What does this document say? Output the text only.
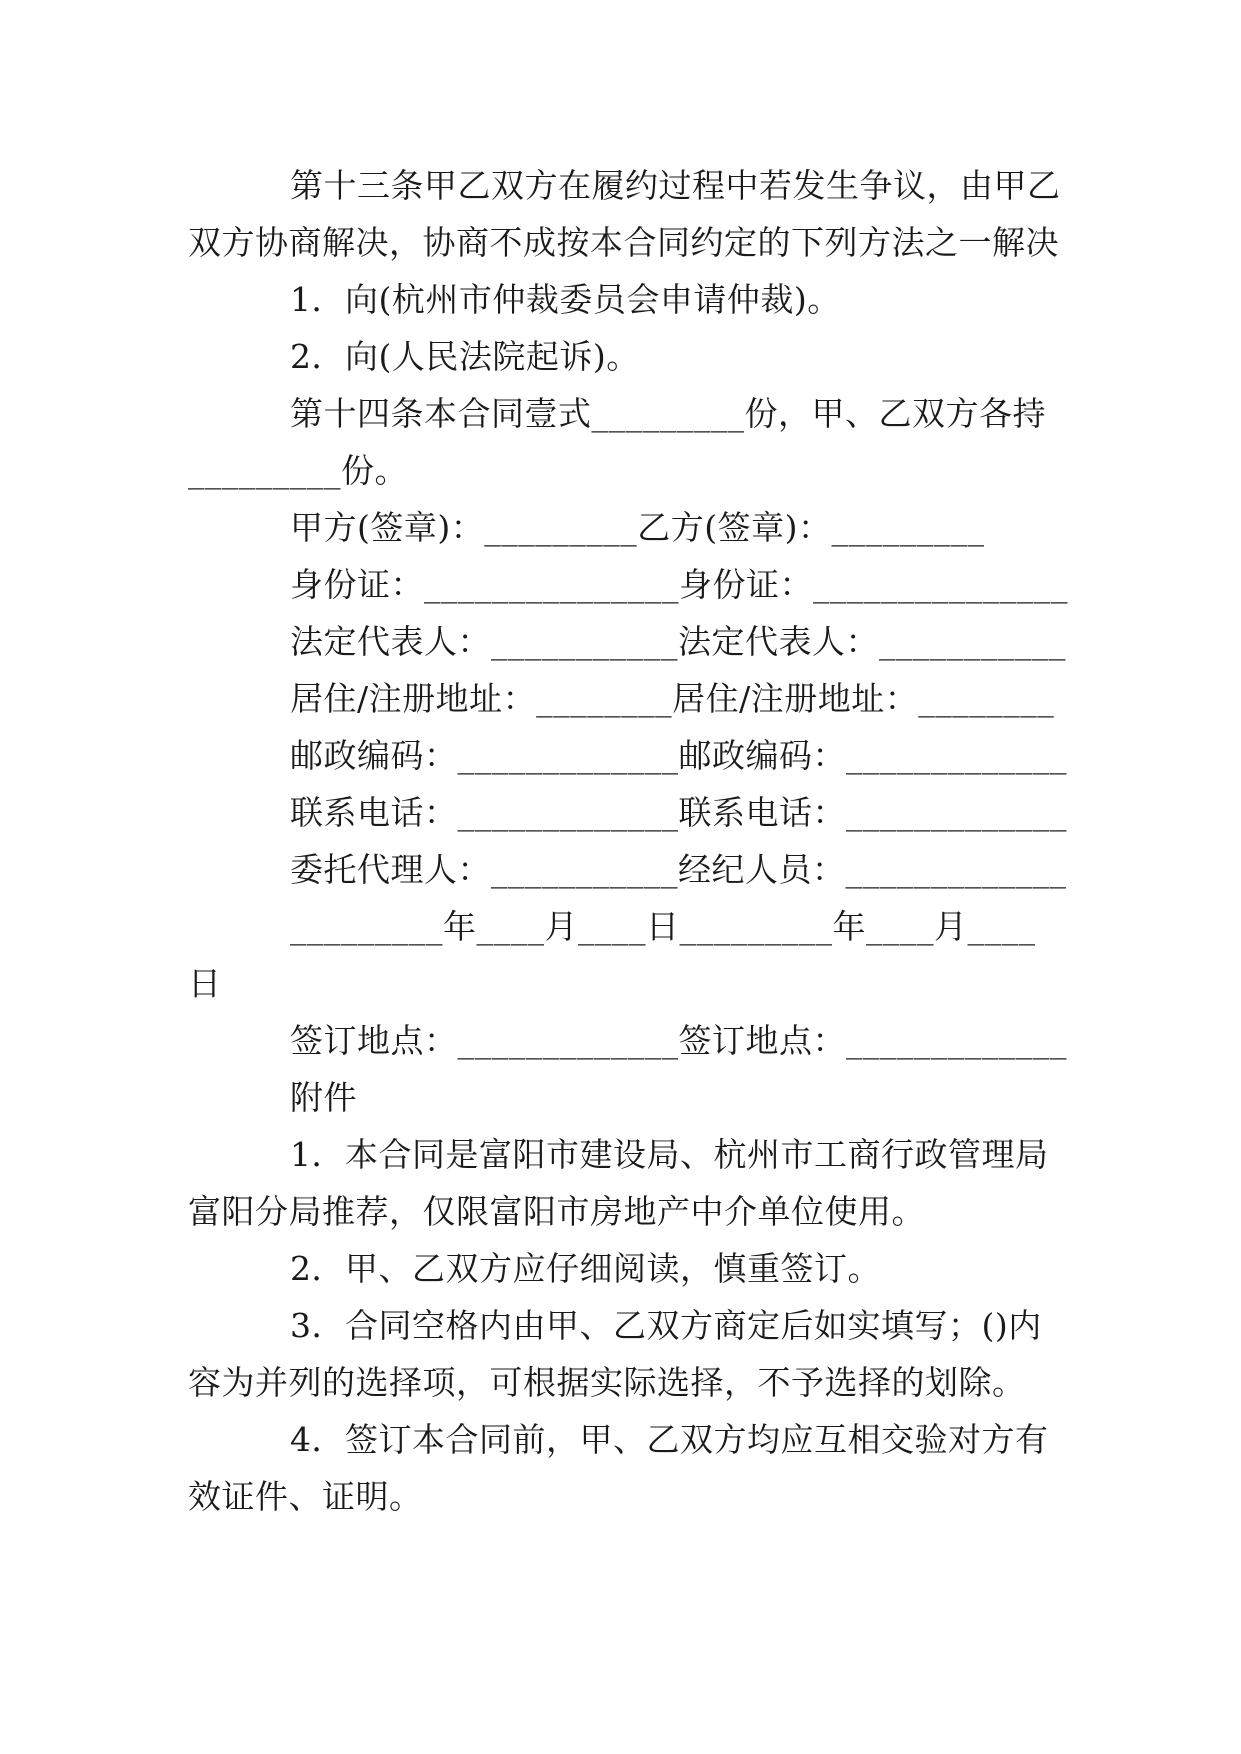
第十三条甲乙双方在履约过程中若发生争议，由甲乙
双方协商解决，协商不成按本合同约定的下列方法之一解决
1．向(杭州市仲裁委员会申请仲裁)。
2．向(人民法院起诉)。
第十四条本合同壹式_________份，甲、乙双方各持
_________份。
甲方(签章)：_________乙方(签章)：_________
身份证：_______________身份证：_______________
法定代表人：___________法定代表人：___________
居住/注册地址：________居住/注册地址：________
邮政编码：_____________邮政编码：_____________
联系电话：_____________联系电话：_____________
委托代理人：___________经纪人员：_____________
_________年____月____日_________年____月____
日
签订地点：_____________签订地点：_____________
附件
1．本合同是富阳市建设局、杭州市工商行政管理局
富阳分局推荐，仅限富阳市房地产中介单位使用。
2．甲、乙双方应仔细阅读，慎重签订。
3．合同空格内由甲、乙双方商定后如实填写；()内
容为并列的选择项，可根据实际选择，不予选择的划除。
4．签订本合同前，甲、乙双方均应互相交验对方有
效证件、证明。
